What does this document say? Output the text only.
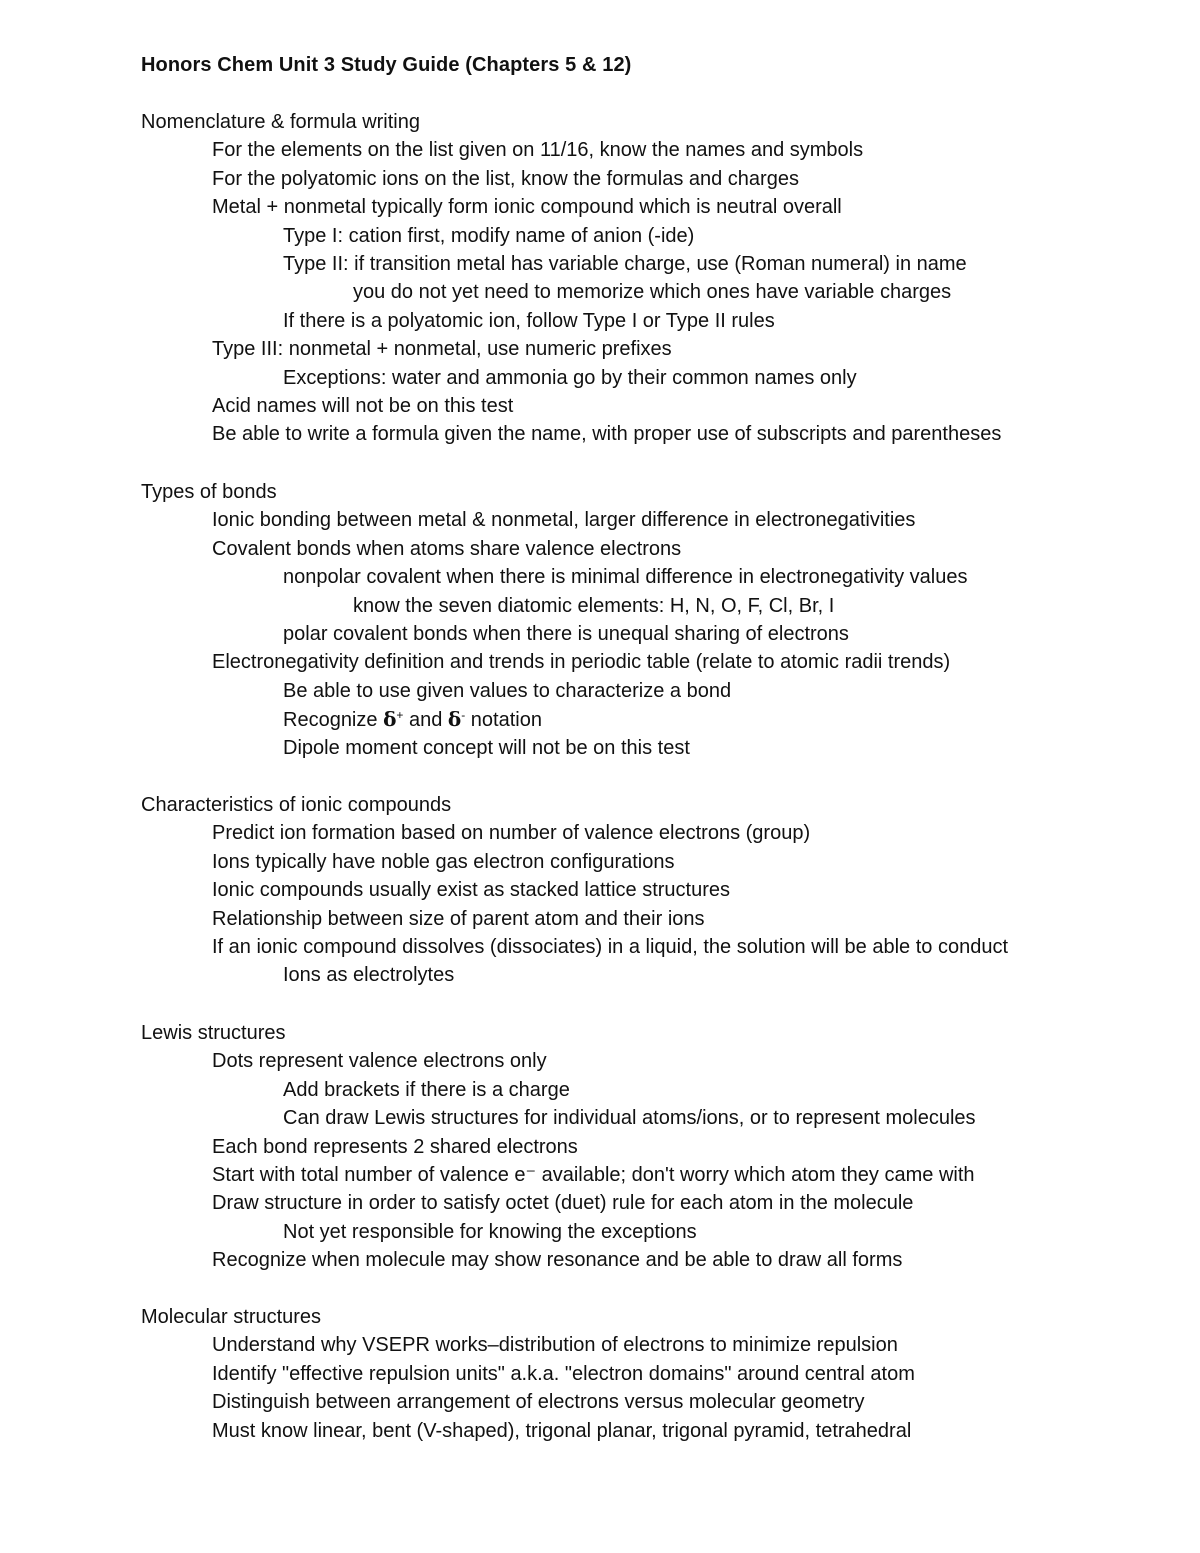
Honors Chem Unit 3 Study Guide (Chapters 5 & 12)
Nomenclature & formula writing
For the elements on the list given on 11/16, know the names and symbols
For the polyatomic ions on the list, know the formulas and charges
Metal + nonmetal typically form ionic compound which is neutral overall
Type I: cation first, modify name of anion (-ide)
Type II: if transition metal has variable charge, use (Roman numeral) in name
you do not yet need to memorize which ones have variable charges
If there is a polyatomic ion, follow Type I or Type II rules
Type III: nonmetal + nonmetal, use numeric prefixes
Exceptions: water and ammonia go by their common names only
Acid names will not be on this test
Be able to write a formula given the name, with proper use of subscripts and parentheses
Types of bonds
Ionic bonding between metal & nonmetal, larger difference in electronegativities
Covalent bonds when atoms share valence electrons
nonpolar covalent when there is minimal difference in electronegativity values
know the seven diatomic elements: H, N, O, F, Cl, Br, I
polar covalent bonds when there is unequal sharing of electrons
Electronegativity definition and trends in periodic table (relate to atomic radii trends)
Be able to use given values to characterize a bond
Recognize δ+ and δ- notation
Dipole moment concept will not be on this test
Characteristics of ionic compounds
Predict ion formation based on number of valence electrons (group)
Ions typically have noble gas electron configurations
Ionic compounds usually exist as stacked lattice structures
Relationship between size of parent atom and their ions
If an ionic compound dissolves (dissociates) in a liquid, the solution will be able to conduct
Ions as electrolytes
Lewis structures
Dots represent valence electrons only
Add brackets if there is a charge
Can draw Lewis structures for individual atoms/ions, or to represent molecules
Each bond represents 2 shared electrons
Start with total number of valence e⁻ available; don't worry which atom they came with
Draw structure in order to satisfy octet (duet) rule for each atom in the molecule
Not yet responsible for knowing the exceptions
Recognize when molecule may show resonance and be able to draw all forms
Molecular structures
Understand why VSEPR works–distribution of electrons to minimize repulsion
Identify "effective repulsion units" a.k.a. "electron domains" around central atom
Distinguish between arrangement of electrons versus molecular geometry
Must know linear, bent (V-shaped), trigonal planar, trigonal pyramid, tetrahedral
